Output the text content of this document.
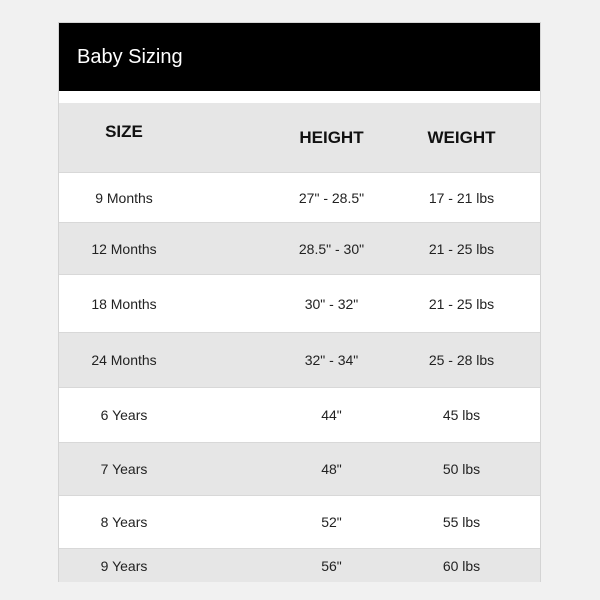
Baby Sizing
SIZE	HEIGHT	WEIGHT
9 Months	27" - 28.5"	17 - 21 lbs
12 Months	28.5" - 30"	21 - 25 lbs
18 Months	30" - 32"	21 - 25 lbs
24 Months	32" - 34"	25 - 28 lbs
6 Years	44"	45 lbs
7 Years	48"	50 lbs
8 Years	52"	55 lbs
9 Years	56"	60 lbs
